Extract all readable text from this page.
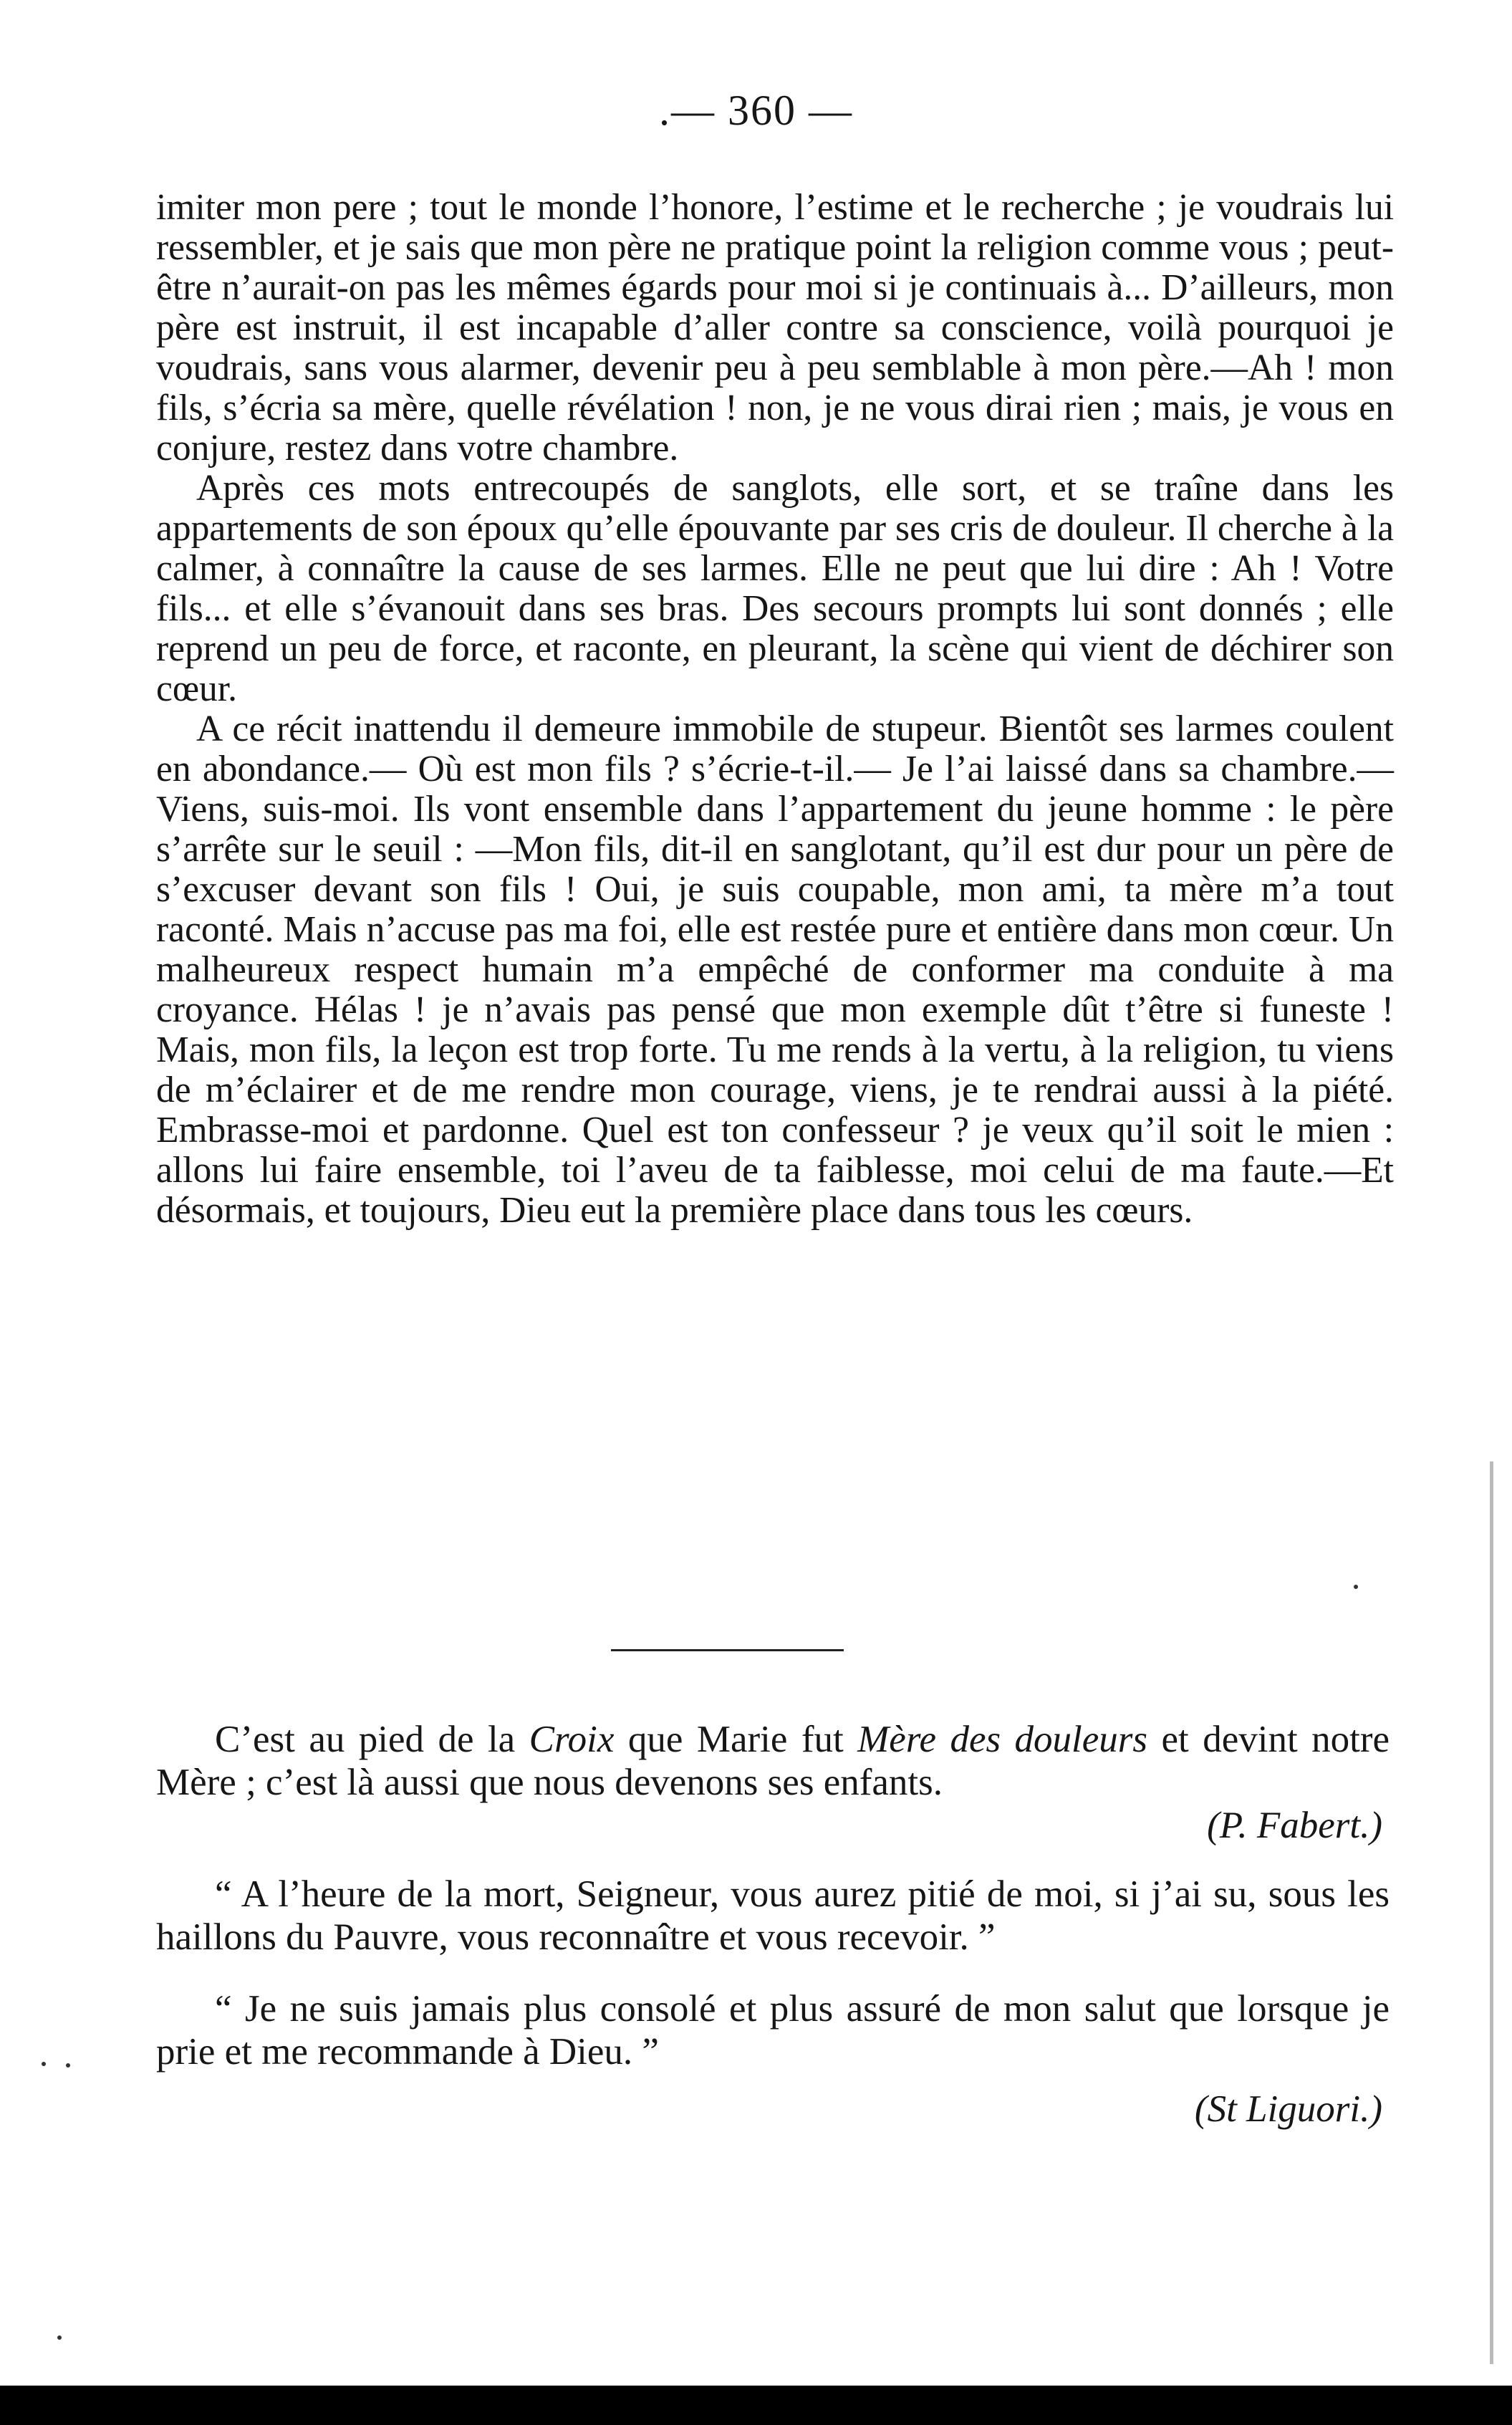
.— 360 —

imiter mon pere ; tout le monde l’honore, l’estime et le recherche ; je voudrais lui ressembler, et je sais que mon père ne pratique point la religion comme vous ; peut-être n’aurait-on pas les mêmes égards pour moi si je continuais à... D’ailleurs, mon père est instruit, il est incapable d’aller contre sa conscience, voilà pourquoi je voudrais, sans vous alarmer, devenir peu à peu semblable à mon père.—Ah ! mon fils, s’écria sa mère, quelle révélation ! non, je ne vous dirai rien ; mais, je vous en conjure, restez dans votre chambre.

Après ces mots entrecoupés de sanglots, elle sort, et se traîne dans les appartements de son époux qu’elle épouvante par ses cris de douleur. Il cherche à la calmer, à connaître la cause de ses larmes. Elle ne peut que lui dire : Ah ! Votre fils... et elle s’évanouit dans ses bras. Des secours prompts lui sont donnés ; elle reprend un peu de force, et raconte, en pleurant, la scène qui vient de déchirer son cœur.

A ce récit inattendu il demeure immobile de stupeur. Bientôt ses larmes coulent en abondance.— Où est mon fils ? s’écrie-t-il.— Je l’ai laissé dans sa chambre.—Viens, suis-moi. Ils vont ensemble dans l’appartement du jeune homme : le père s’arrête sur le seuil : —Mon fils, dit-il en sanglotant, qu’il est dur pour un père de s’excuser devant son fils ! Oui, je suis coupable, mon ami, ta mère m’a tout raconté. Mais n’accuse pas ma foi, elle est restée pure et entière dans mon cœur. Un malheureux respect humain m’a empêché de conformer ma conduite à ma croyance. Hélas ! je n’avais pas pensé que mon exemple dût t’être si funeste ! Mais, mon fils, la leçon est trop forte. Tu me rends à la vertu, à la religion, tu viens de m’éclairer et de me rendre mon courage, viens, je te rendrai aussi à la piété. Embrasse-moi et pardonne. Quel est ton confesseur ? je veux qu’il soit le mien : allons lui faire ensemble, toi l’aveu de ta faiblesse, moi celui de ma faute.—Et désormais, et toujours, Dieu eut la première place dans tous les cœurs.

C’est au pied de la Croix que Marie fut Mère des douleurs et devint notre Mère ; c’est là aussi que nous devenons ses enfants.

(P. Fabert.)

“ A l’heure de la mort, Seigneur, vous aurez pitié de moi, si j’ai su, sous les haillons du Pauvre, vous reconnaître et vous recevoir. ”

“ Je ne suis jamais plus consolé et plus assuré de mon salut que lorsque je prie et me recommande à Dieu. ”

(St Liguori.)
